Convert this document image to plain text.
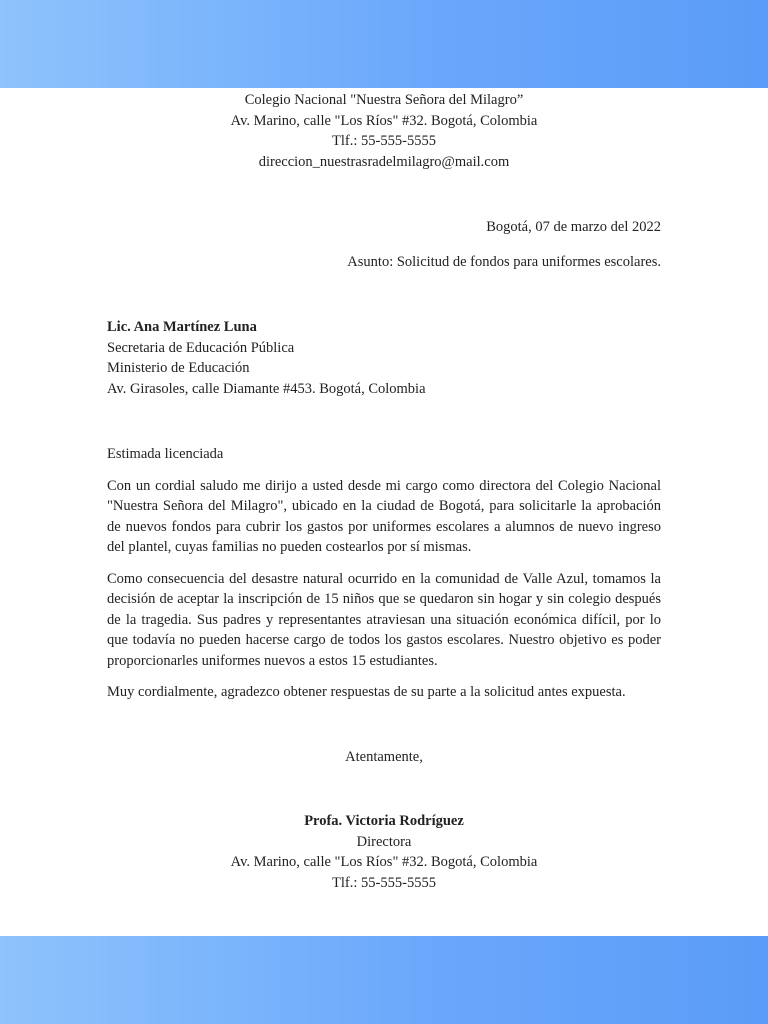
Colegio Nacional "Nuestra Señora del Milagro”

Av. Marino, calle "Los Ríos" #32. Bogotá, Colombia

Tlf.: 55-555-5555

direccion_nuestrasradelmilagro@mail.com

Bogotá, 07 de marzo del 2022

Asunto: Solicitud de fondos para uniformes escolares.

Lic. Ana Martínez Luna

Secretaria de Educación Pública

Ministerio de Educación

Av. Girasoles, calle Diamante #453. Bogotá, Colombia

Estimada licenciada

Con un cordial saludo me dirijo a usted desde mi cargo como directora del Colegio Nacional "Nuestra Señora del Milagro", ubicado en la ciudad de Bogotá, para solicitarle la aprobación de nuevos fondos para cubrir los gastos por uniformes escolares a alumnos de nuevo ingreso del plantel, cuyas familias no pueden costearlos por sí mismas.

Como consecuencia del desastre natural ocurrido en la comunidad de Valle Azul, tomamos la decisión de aceptar la inscripción de 15 niños que se quedaron sin hogar y sin colegio después de la tragedia. Sus padres y representantes atraviesan una situación económica difícil, por lo que todavía no pueden hacerse cargo de todos los gastos escolares. Nuestro objetivo es poder proporcionarles uniformes nuevos a estos 15 estudiantes.

Muy cordialmente, agradezco obtener respuestas de su parte a la solicitud antes expuesta.

Atentamente,

Profa. Victoria Rodríguez

Directora

Av. Marino, calle "Los Ríos" #32. Bogotá, Colombia

Tlf.: 55-555-5555
